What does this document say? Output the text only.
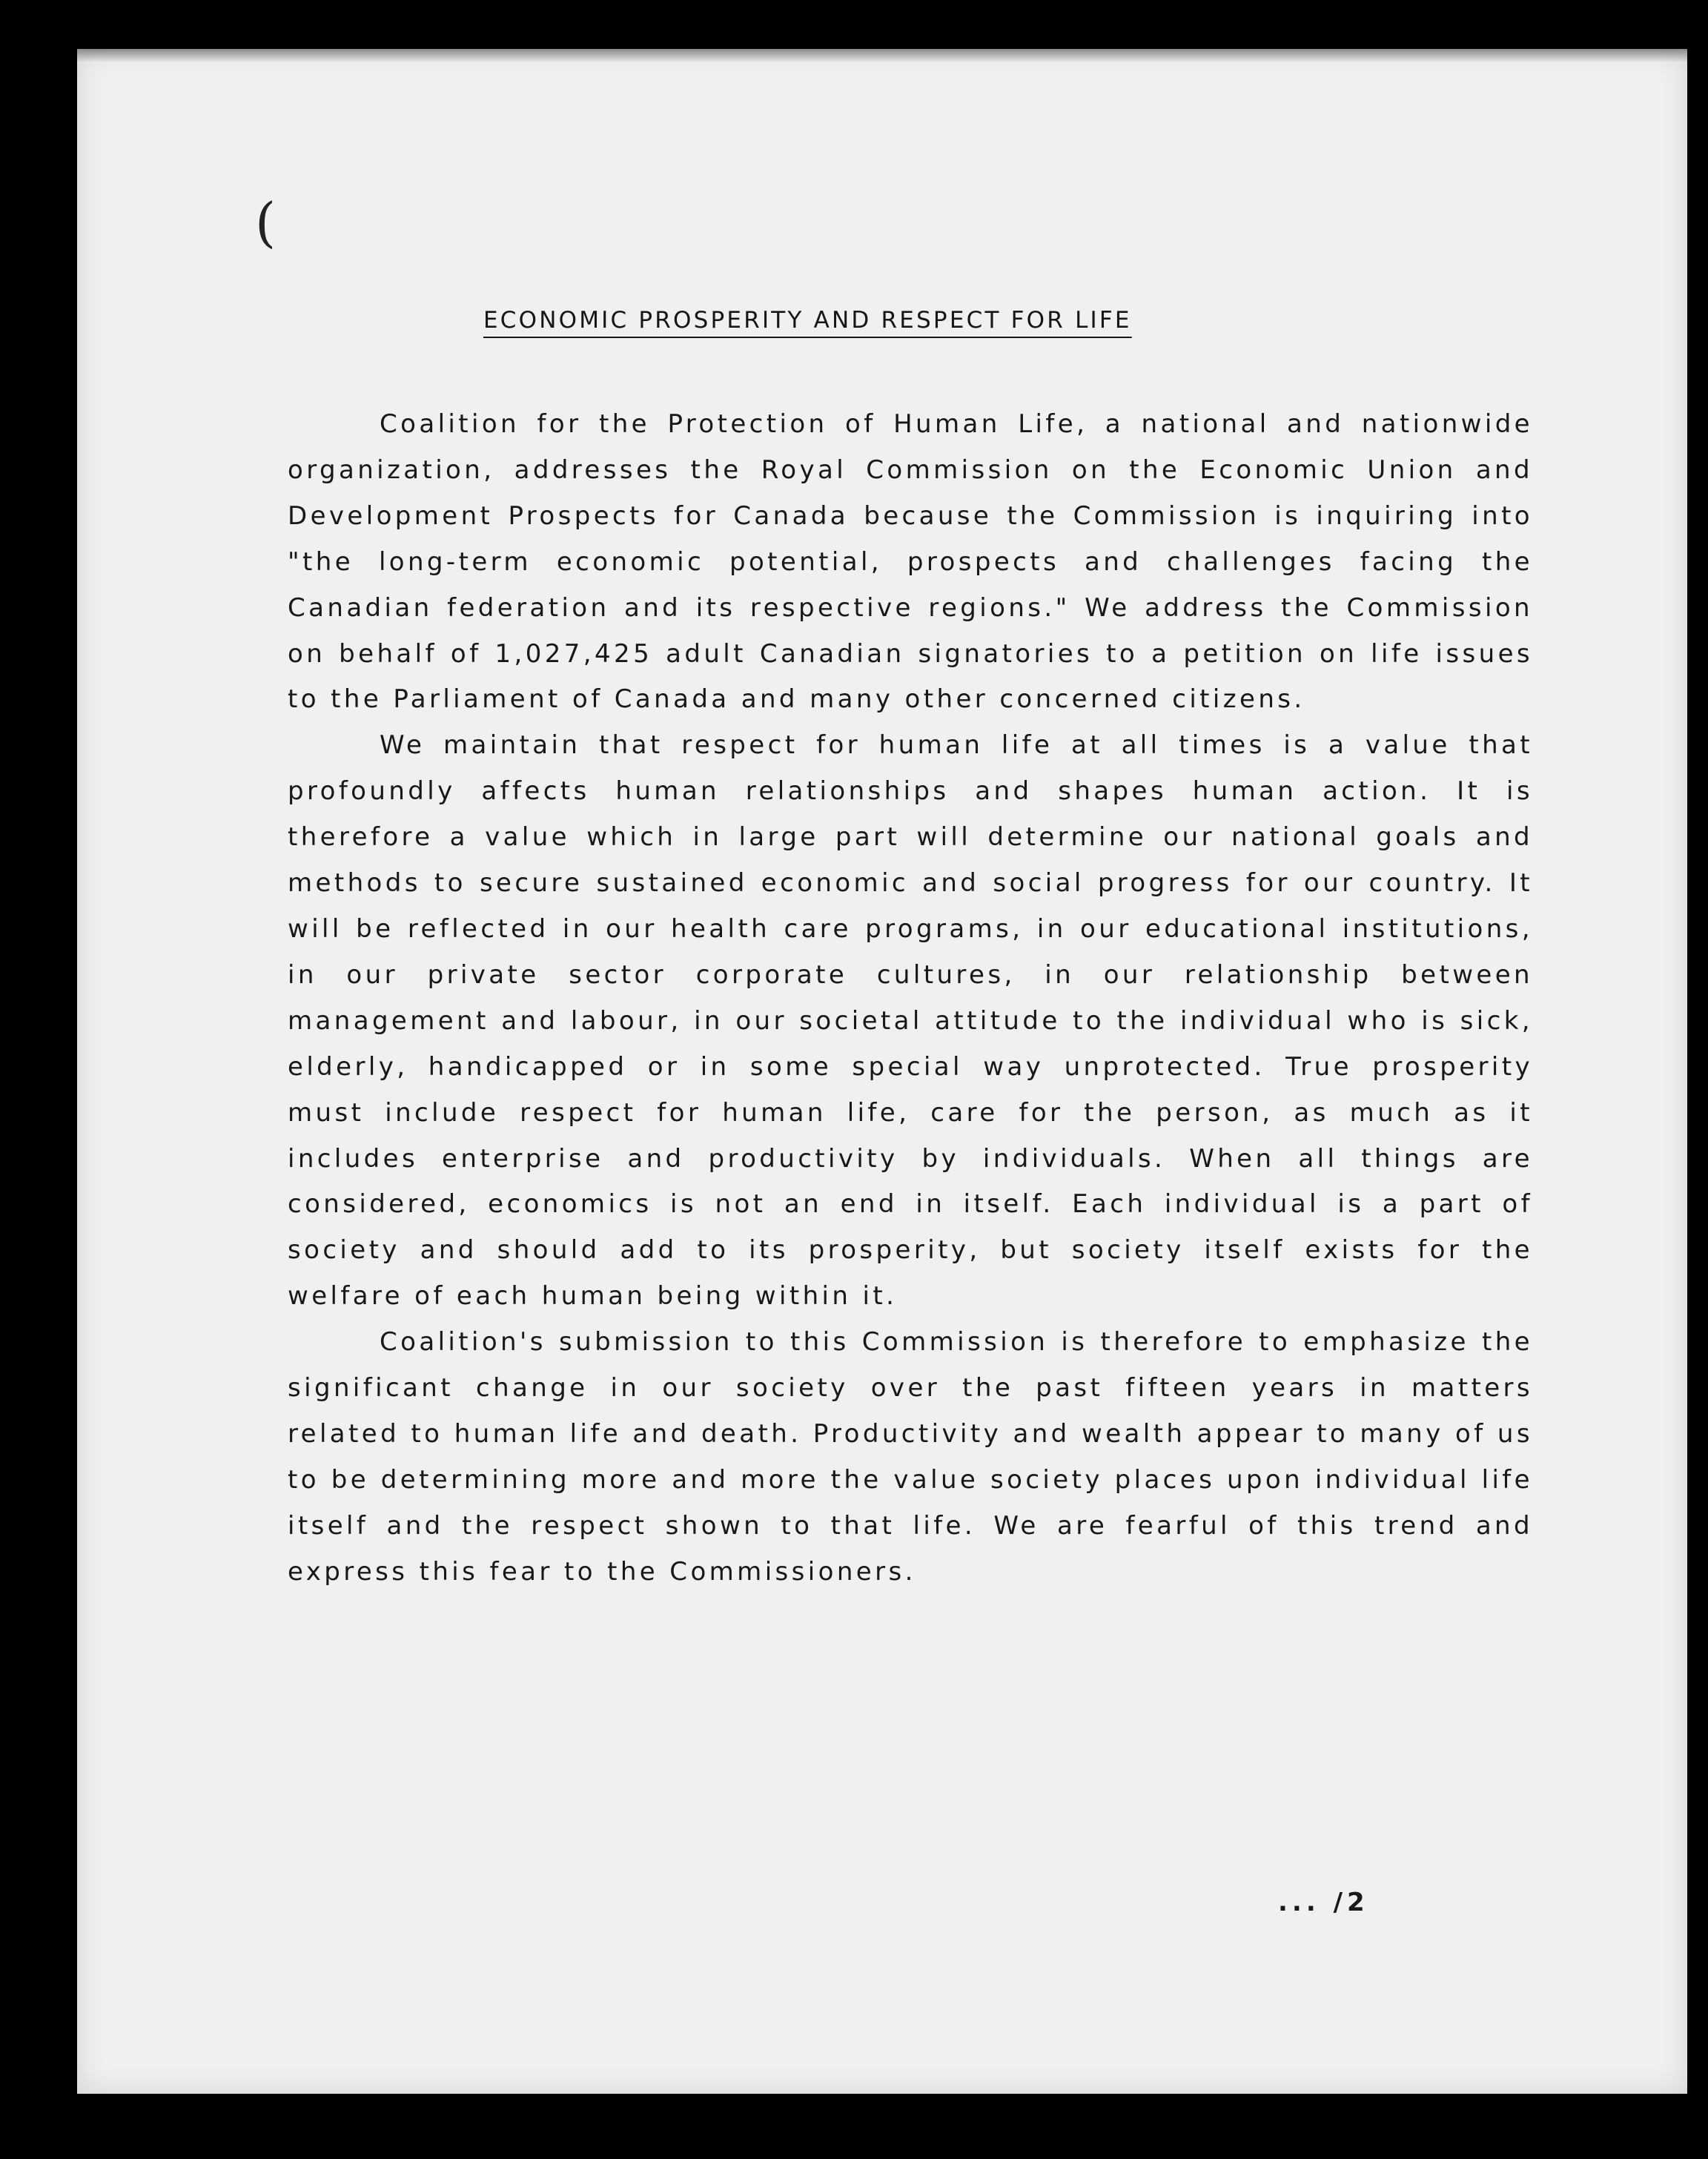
(
ECONOMIC PROSPERITY AND RESPECT FOR LIFE

Coalition for the Protection of Human Life, a national and nationwide organization, addresses the Royal Commission on the Economic Union and Development Prospects for Canada because the Commission is inquiring into "the long-term economic potential, prospects and challenges facing the Canadian federation and its respective regions." We address the Commission on behalf of 1,027,425 adult Canadian signatories to a petition on life issues to the Parliament of Canada and many other concerned citizens.

We maintain that respect for human life at all times is a value that profoundly affects human relationships and shapes human action. It is therefore a value which in large part will determine our national goals and methods to secure sustained economic and social progress for our country. It will be reflected in our health care programs, in our educational institutions, in our private sector corporate cultures, in our relationship between management and labour, in our societal attitude to the individual who is sick, elderly, handicapped or in some special way unprotected. True prosperity must include respect for human life, care for the person, as much as it includes enterprise and productivity by individuals. When all things are considered, economics is not an end in itself. Each individual is a part of society and should add to its prosperity, but society itself exists for the welfare of each human being within it.

Coalition's submission to this Commission is therefore to emphasize the significant change in our society over the past fifteen years in matters related to human life and death. Productivity and wealth appear to many of us to be determining more and more the value society places upon individual life itself and the respect shown to that life. We are fearful of this trend and express this fear to the Commissioners.

... /2
